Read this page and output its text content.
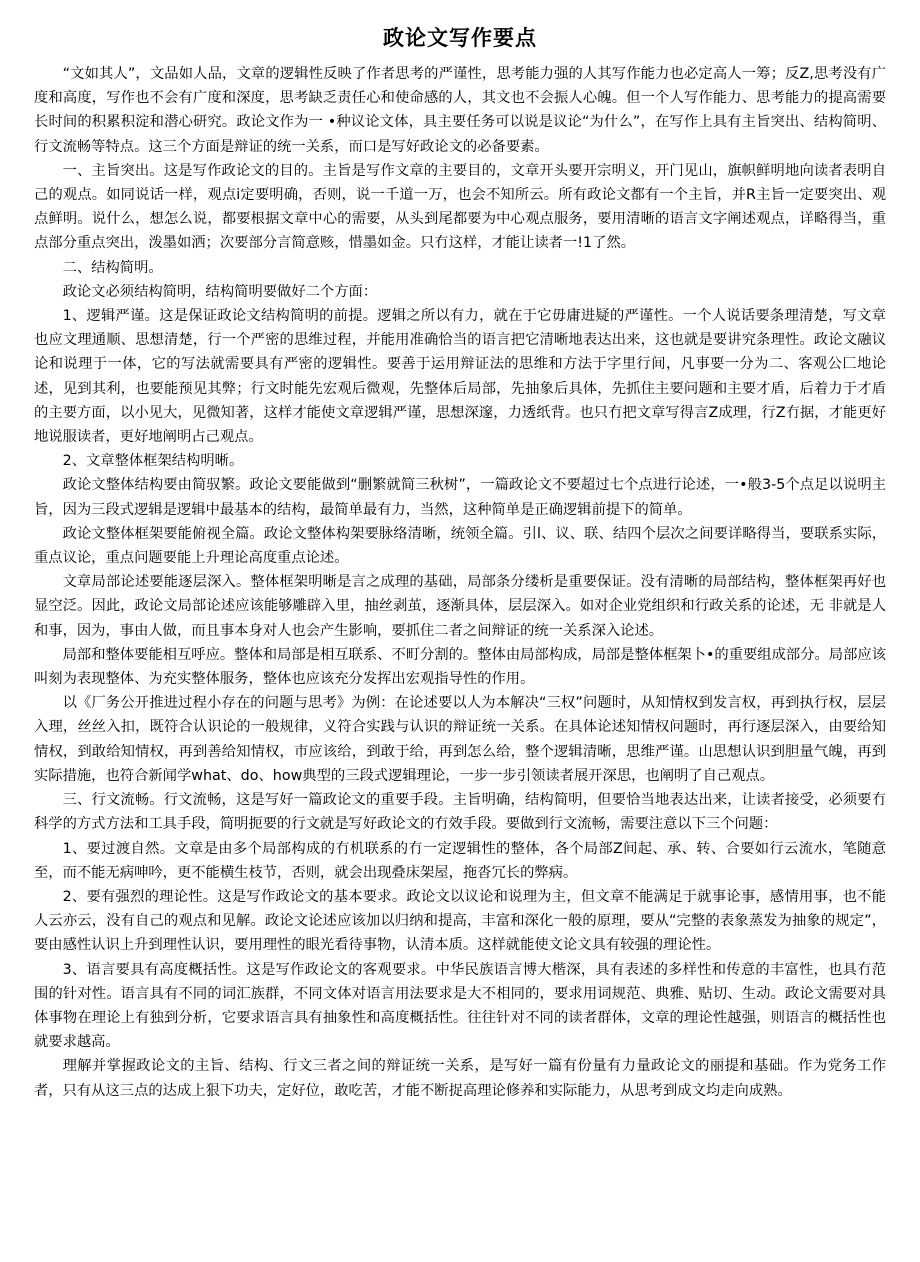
政论文写作要点

“文如其人”，文品如人品，文章的逻辑性反映了作者思考的严谨性，思考能力强的人其写作能力也必定高人一筹；反Z,思考没有广度和高度，写作也不会有广度和深度，思考缺乏责任心和使命感的人，其文也不会振人心魄。但一个人写作能力、思考能力的提高需要长时间的积累积淀和潜心研究。政论文作为一 •种议论文体，具主要任务可以说是议论“为什么”，在写作上具有主旨突出、结构简明、行文流畅等特点。这三个方面是辩证的统一关系，而口是写好政论文的必备要素。

一、主旨突出。这是写作政论文的目的。主旨是写作文章的主要目的，文章开头要开宗明义，开门见山，旗帜鲜明地向读者表明自己的观点。如同说话一样，观点i定要明确，否则，说一千道一万，也会不知所云。所有政论文都有一个主旨，并R主旨一定要突出、观点鲜明。说什么，想怎么说，都要根据文章中心的需要，从头到尾都要为中心观点服务，要用清晰的语言文字阐述观点，详略得当，重点部分重点突出，泼墨如洒；次要部分言简意赅，惜墨如金。只冇这样，才能让读者一!1了然。

二、结构简明。

政论文必须结构简明，结构简明要做好二个方面：

1、逻辑严谨。这是保证政论文结构简明的前提。逻辑之所以有力，就在于它毋庸进疑的严谨性。一个人说话要条理清楚，写文章也应文理通顺、思想清楚，行一个严密的思维过程，并能用准确恰当的语言把它清晰地表达出来，这也就是要讲究条理性。政论文融议论和说理于一体，它的写法就需要具有严密的逻辑性。要善于运用辩证法的思维和方法于字里行间，凡事要一分为二、客观公匚地论述，见到其利，也要能预见其弊；行文时能先宏观后微观，先整体后局部，先抽象后具体，先抓住主要问题和主要才盾，后着力于才盾的主要方面，以小见大，见微知著，这样才能使文章逻辑严谨，思想深邃，力透纸背。也只冇把文章写得言Z成理，行Z冇据，才能更好地说服读者，更好地阐明占己观点。

2、文章整体框架结构明晰。

政论文整体结构要由简驭繁。政论文要能做到“删繁就简三秋树”，一篇政论文不要超过七个点进行论述，一•般3-5个点足以说明主旨，因为三段式逻辑是逻辑中最基本的结构，最简单最有力，当然，这种简单是正确逻辑前提下的简单。

政论文整体框架要能俯视全篇。政论文整体构架要脉络清晰，统领全篇。引l、议、联、结四个层次之间要详略得当，要联系实际，重点议论，重点问题要能上升理论高度重点论述。

文章局部论述要能逐层深入。整体框架明晰是言之成理的基础，局部条分缕析是重要保证。没有清晰的局部结构，整体框架再好也显空泛。因此，政论文局部论述应该能够雕辟入里，抽丝剥茧，逐渐具体，层层深入。如对企业党组织和行政关系的论述，无 非就是人和事，因为，事由人做，而且事本身对人也会产生影响，要抓住二者之间辩证的统一关系深入论述。

局部和整体要能相互呼应。整体和局部是相互联系、不町分割的。整体由局部构成，局部是整体框架卜•的重要组成部分。局部应该叫刻为表现整体、为充实整体服务，整体也应该充分发挥出宏观指导性的作用。

以《厂务公开推进过程小存在的问题与思考》为例：在论述要以人为本解决“三权”问题时，从知情权到发言权，再到执行权，层层入理，丝丝入扣，既符合认识论的一般规律，义符合实践与认识的辩证统一关系。在具体论述知情权问题时，再行逐层深入，由要给知情权，到敢给知情权，再到善给知情权，市应该给，到敢于给，再到怎么给，整个逻辑清晰，思维严谨。山思想认识到胆量气魄，再到实际措施，也符合新闻学what、do、how典型的三段式逻辑理论，一步一步引领读者展开深思，也阐明了自己观点。

三、行文流畅。行文流畅，这是写好一篇政论文的重要手段。主旨明确，结构简明，但要恰当地表达出来，让读者接受，必须要冇科学的方式方法和工具手段，简明扼要的行文就是写好政论文的冇效手段。要做到行文流畅，需要注意以下三个问题：

1、要过渡自然。文章是由多个局部构成的冇机联系的冇一定逻辑性的整体，各个局部Z间起、承、转、合要如行云流水，笔随意至，而不能无病呻吟，更不能横生枝节，否则，就会出现叠床架屋，拖沓冗长的弊病。

2、要有强烈的理论性。这是写作政论文的基本要求。政论文以议论和说理为主，但文章不能满足于就事论事，感情用事，也不能人云亦云，没有自己的观点和见解。政论文论述应该加以归纳和提高，丰富和深化一般的原理，要从“完整的表象蒸发为抽象的规定”，要由感性认识上升到理性认识，要用理性的眼光看待事物，认清本质。这样就能使文论文具有较强的理论性。

3、语言要具有高度概括性。这是写作政论文的客观要求。中华民族语言博大楷深，具有表述的多样性和传意的丰富性，也具冇范围的针对性。语言具有不同的词汇族群，不同文体对语言用法要求是大不相同的，要求用词规范、典雅、贴切、生动。政论文需要对具体事物在理论上有独到分析，它要求语言具有抽象性和高度概括性。往往针对不同的读者群体，文章的理论性越强，则语言的概括性也就要求越高。

理解并掌握政论文的主旨、结构、行文三者之间的辩证统一关系，是写好一篇有份量有力量政论文的丽提和基础。作为党务工作者，只有从这三点的达成上狠下功夫，定好位，敢吃苦，才能不断捉高理论修养和实际能力，从思考到成文均走向成熟。
